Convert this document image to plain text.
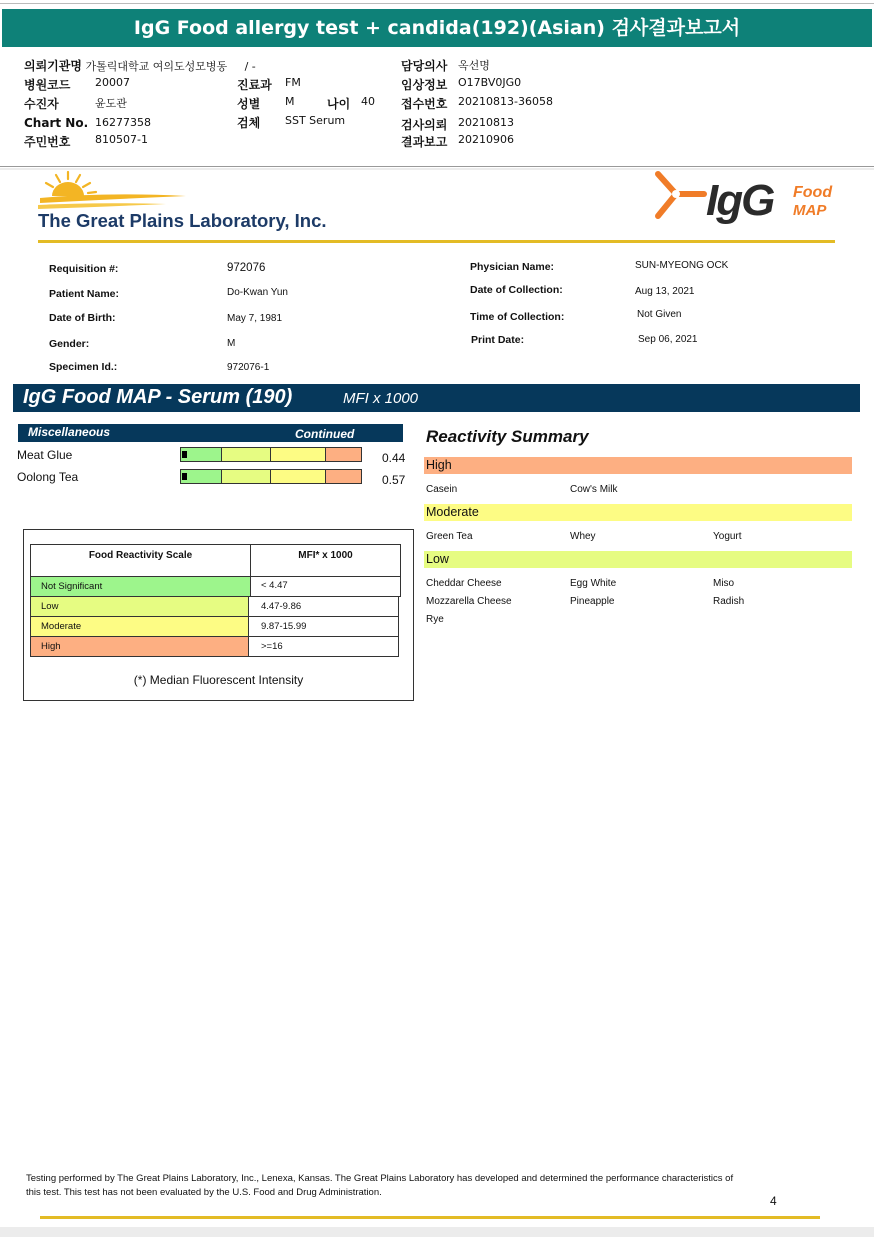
IgG Food allergy test + candida(192)(Asian) 검사결과보고서
의뢰기관명 가톨릭대학교 여의도성모병동 / -
병원코드 20007
수진자	윤도관
Chart No. 16277358
주민번호 810507-1
진료과 FM
성별 M	나이 40
검체 SST Serum
담당의사 옥선명
임상정보 O17BV0JG0
접수번호 20210813-36058
검사의뢰 20210813
결과보고 20210906
The Great Plains Laboratory, Inc.	IgG Food
MAP
Requisition #:	972076
Patient Name:	Do-Kwan Yun
Date of Birth:	May 7, 1981
Gender:	M
Specimen Id.:	972076-1
Physician Name:	SUN-MYEONG OCK
Date of Collection:	Aug 13, 2021
Time of Collection:	Not Given
Print Date:	Sep 06, 2021
IgG Food MAP - Serum (190)	MFI x 1000
Miscellaneous	Continued
Meat Glue	0.44
Oolong Tea	0.57
Food Reactivity Scale	MFI* x 1000
Not Significant	< 4.47
Low	4.47-9.86
Moderate	9.87-15.99
High	>=16
(*) Median Fluorescent Intensity
Reactivity Summary
High
Casein	Cow's Milk
Moderate
Green Tea	Whey	Yogurt
Low
Cheddar Cheese	Egg White	Miso
Mozzarella Cheese	Pineapple	Radish
Rye
Testing performed by The Great Plains Laboratory, Inc., Lenexa, Kansas. The Great Plains Laboratory has developed and determined the performance characteristics of this test. This test has not been evaluated by the U.S. Food and Drug Administration.
4
